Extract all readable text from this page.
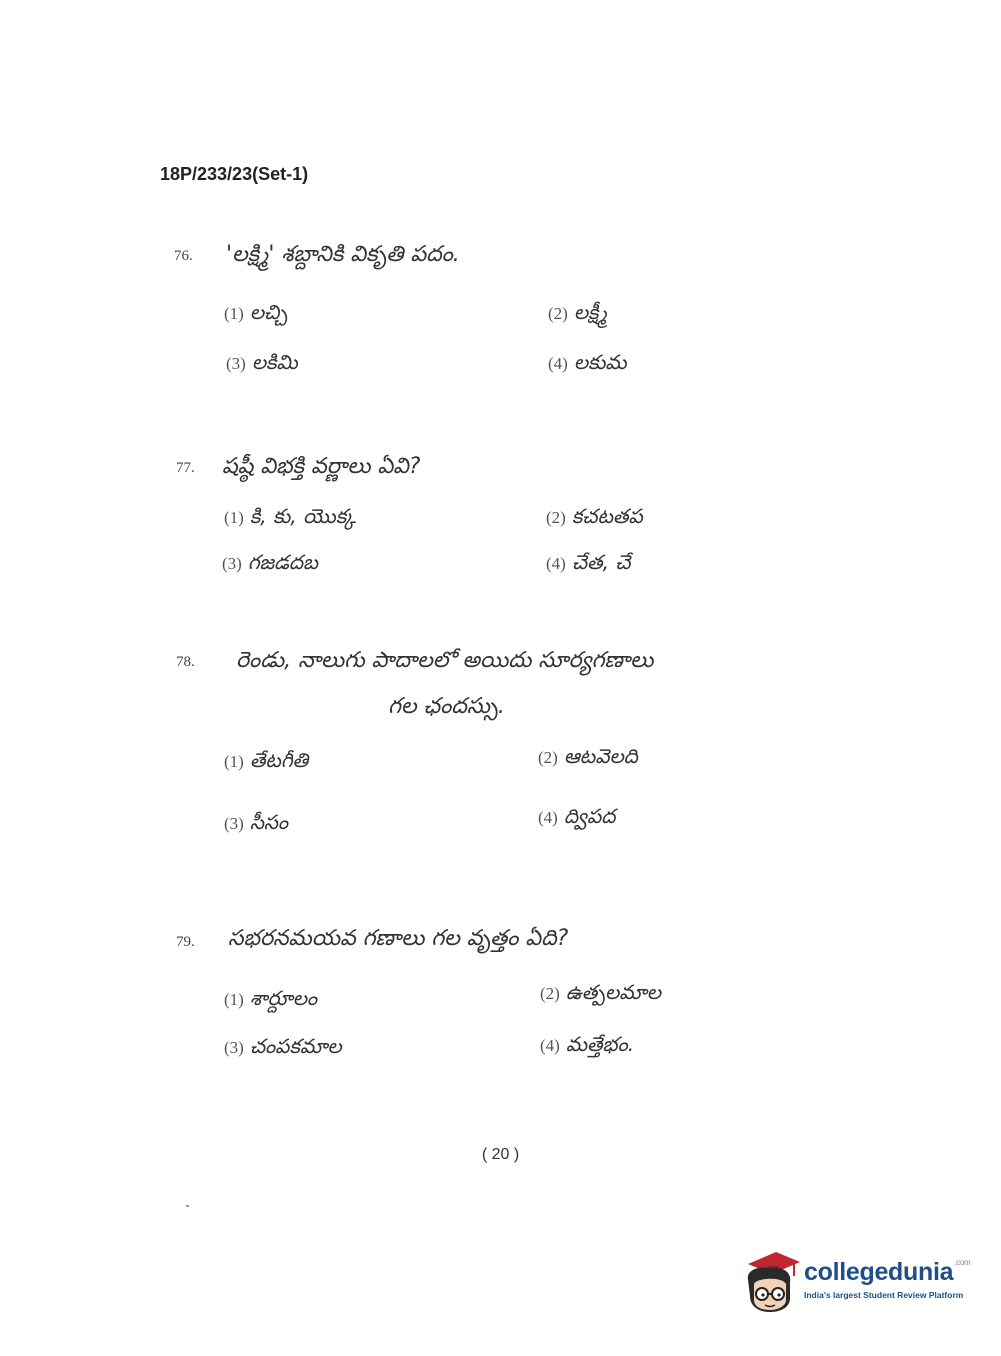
18P/233/23(Set-1)
76. 'లక్ష్మి' శబ్దానికి వికృతి పదం.
(1) లచ్చి	(2) లక్ష్మీ
(3) లకిమి	(4) లకుమ
77. షష్ఠీ విభక్తి వర్ణాలు ఏవి?
(1) కి, కు, యొక్క	(2) కచటతప
(3) గజడదబ	(4) చేత, చే
78. రెండు, నాలుగు పాదాలలో అయిదు సూర్యగణాలు
గల ఛందస్సు.
(1) తేటగీతి	(2) ఆటవెలది
(3) సీసం	(4) ద్విపద
79. సభరనమయవ గణాలు గల వృత్తం ఏది?
(1) శార్దూలం	(2) ఉత్పలమాల
(3) చంపకమాల	(4) మత్తేభం.
( 20 )
collegedunia$^{.com}$
India's largest Student Review Platform
